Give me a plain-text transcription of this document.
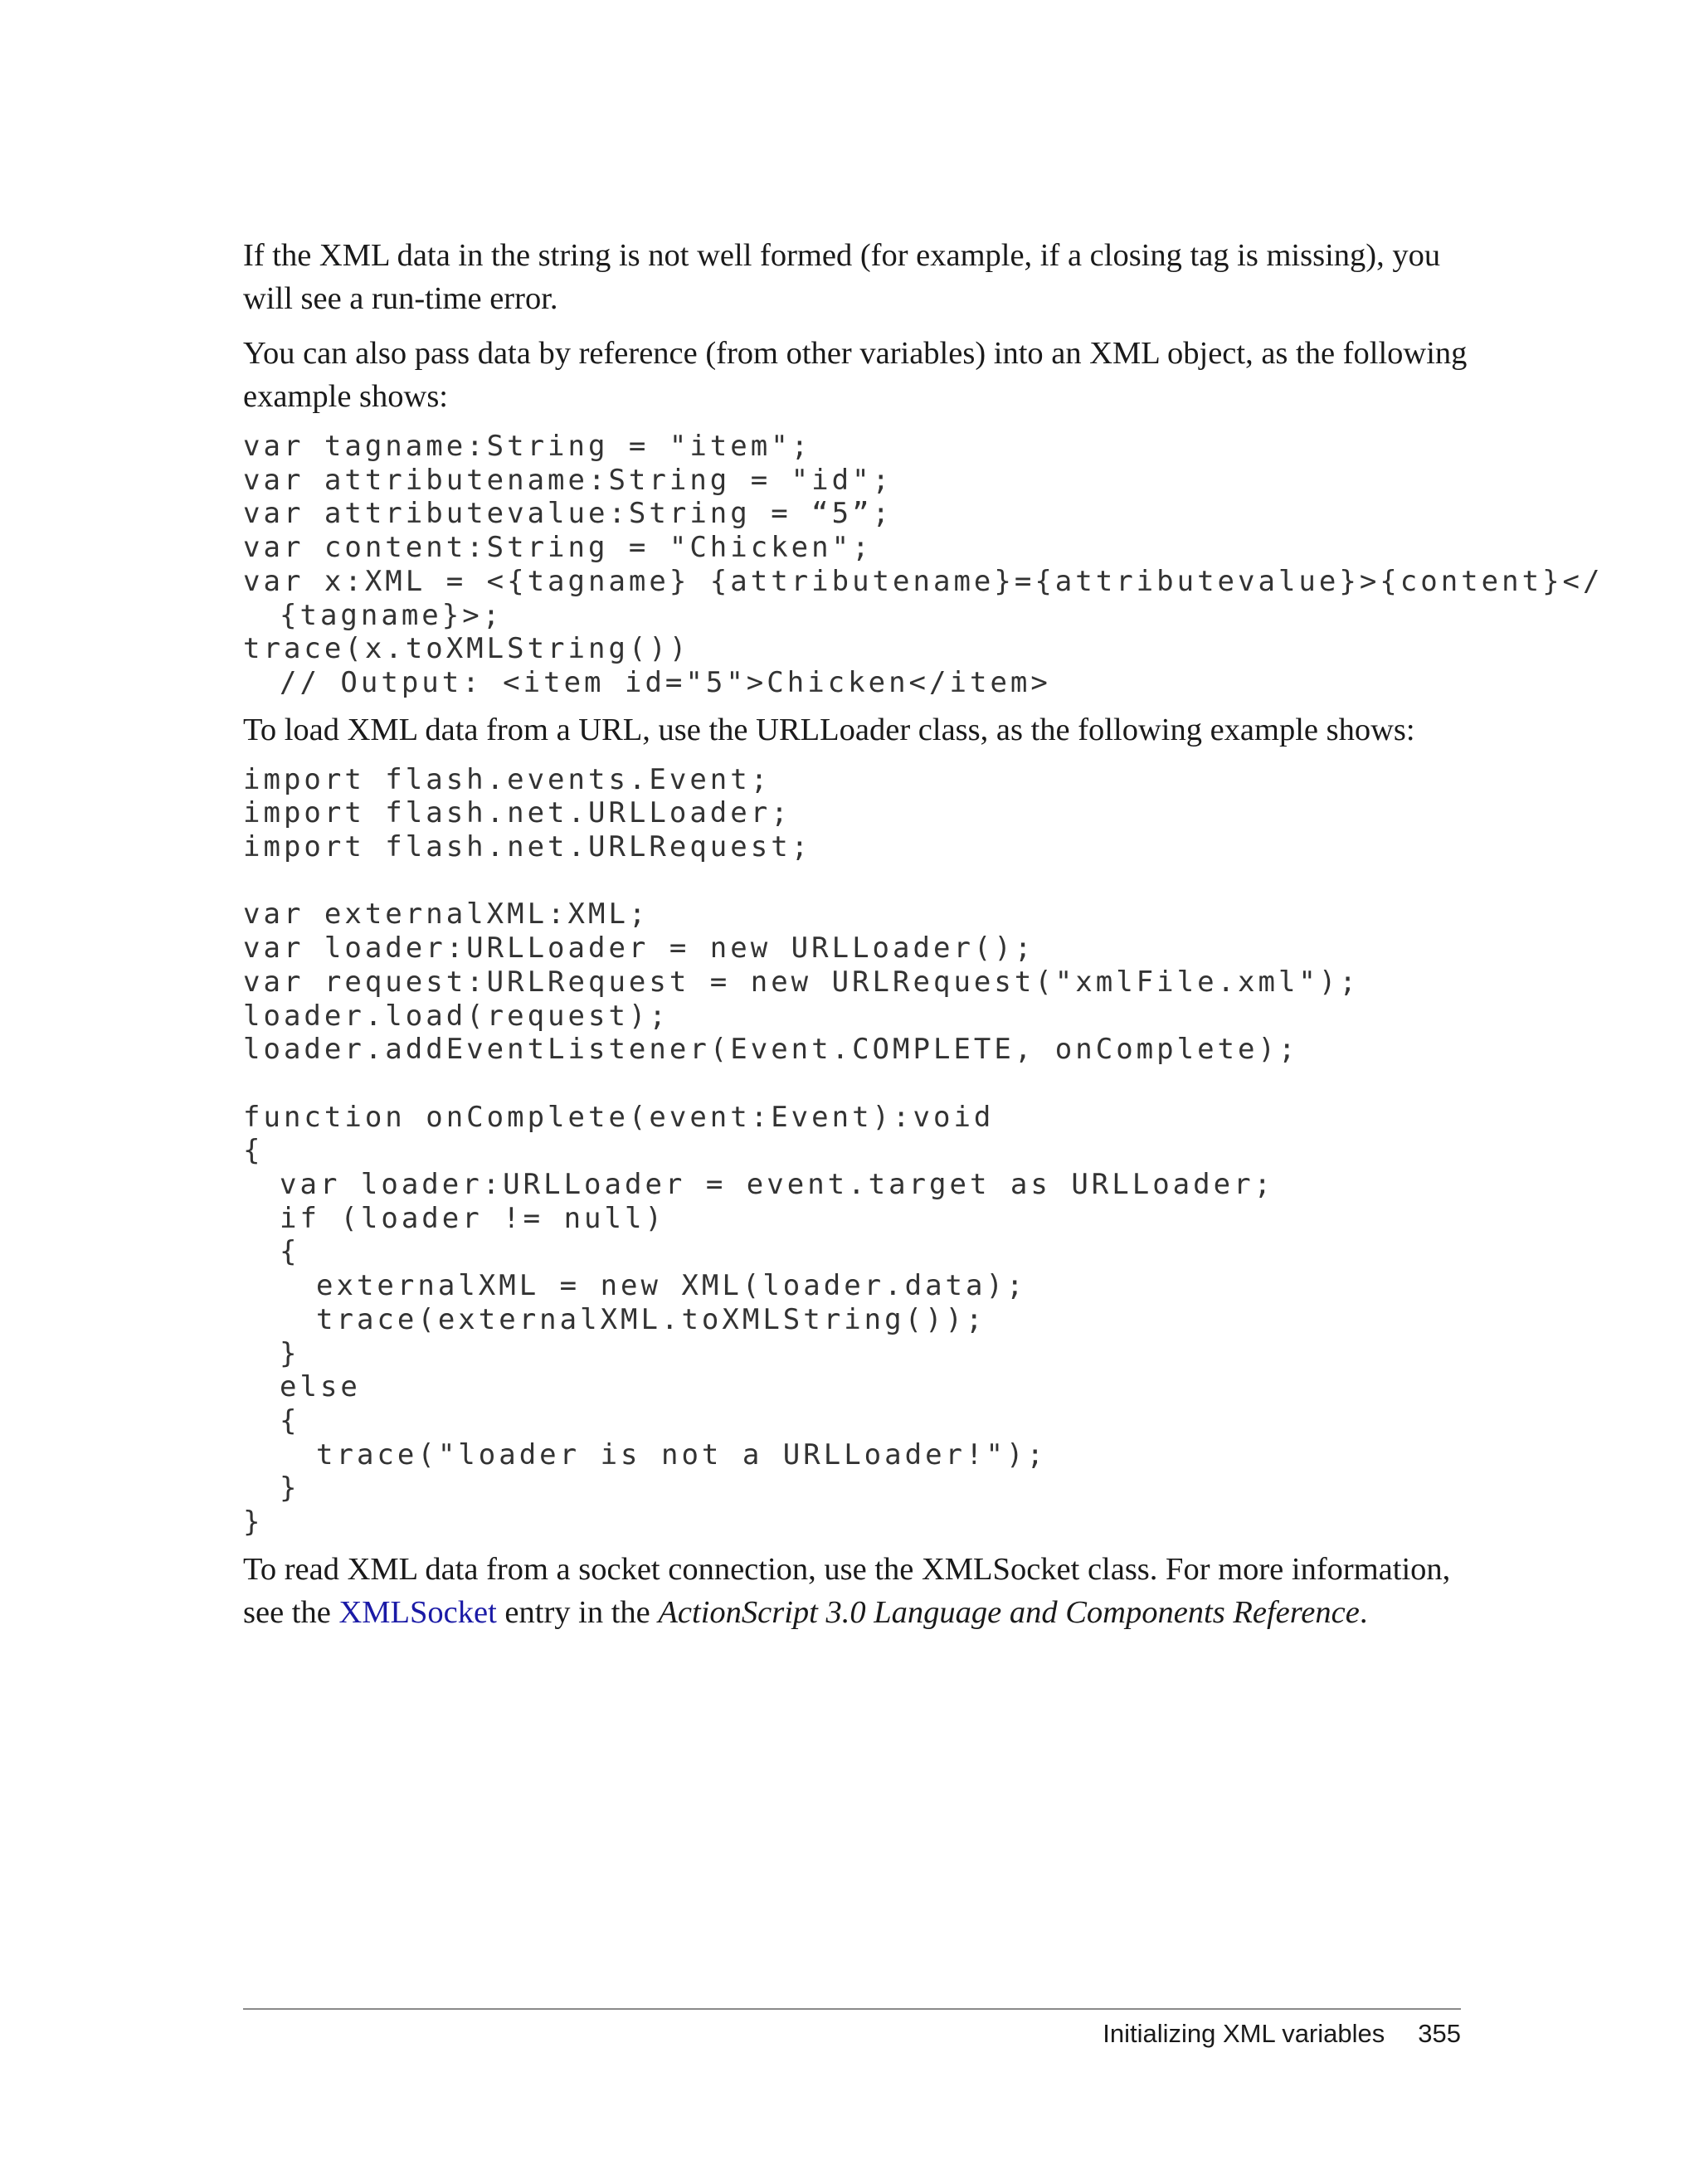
If the XML data in the string is not well formed (for example, if a closing tag is missing), you will see a run-time error.

You can also pass data by reference (from other variables) into an XML object, as the following example shows:

var tagname:String = "item";
var attributename:String = "id";
var attributevalue:String = “5”;
var content:String = "Chicken";
var x:XML = <{tagname} {attributename}={attributevalue}>{content}</
{tagname}>;
trace(x.toXMLString())
// Output: <item id="5">Chicken</item>

To load XML data from a URL, use the URLLoader class, as the following example shows:

import flash.events.Event;
import flash.net.URLLoader;
import flash.net.URLRequest;
var externalXML:XML;
var loader:URLLoader = new URLLoader();
var request:URLRequest = new URLRequest("xmlFile.xml");
loader.load(request);
loader.addEventListener(Event.COMPLETE, onComplete);
function onComplete(event:Event):void
{
var loader:URLLoader = event.target as URLLoader;
if (loader != null)
{
externalXML = new XML(loader.data);
trace(externalXML.toXMLString());
}
else
{
trace("loader is not a URLLoader!");
}
}

To read XML data from a socket connection, use the XMLSocket class. For more information, see the XMLSocket entry in the ActionScript 3.0 Language and Components Reference.

Initializing XML variables 355
